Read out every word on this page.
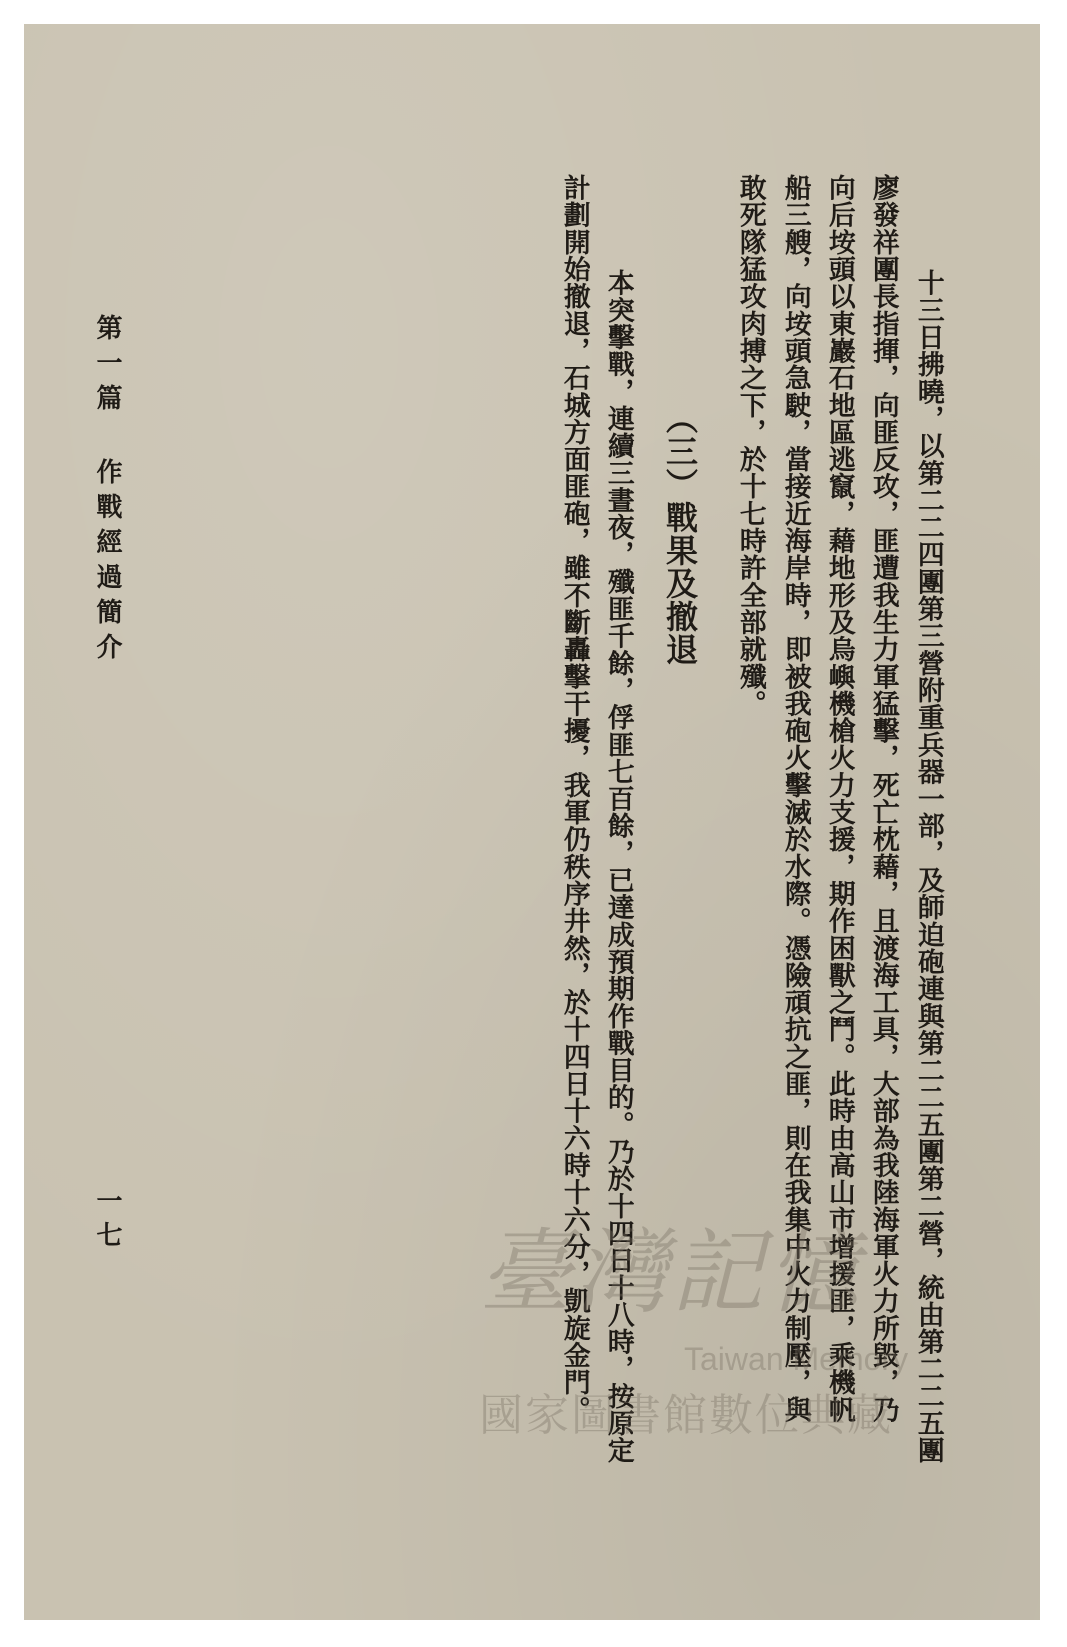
　十三日拂曉，以第二二四團第三營附重兵器一部，及師迫砲連與第二二五團第二營，統由第二二五團
廖發祥團長指揮，向匪反攻，匪遭我生力軍猛擊，死亡枕藉，且渡海工具，大部為我陸海軍火力所毀，乃
向后垵頭以東巖石地區逃竄，藉地形及烏嶼機槍火力支援，期作困獸之鬥。此時由高山市增援匪，乘機帆
船三艘，向垵頭急駛，當接近海岸時，即被我砲火擊滅於水際。憑險頑抗之匪，則在我集中火力制壓，與
敢死隊猛攻肉搏之下，於十七時許全部就殲。
（三）戰果及撤退
　本突擊戰，連續三晝夜，殲匪千餘，俘匪七百餘，已達成預期作戰目的。乃於十四日十八時，按原定
計劃開始撤退，石城方面匪砲，雖不斷轟擊干擾，我軍仍秩序井然，於十四日十六時十六分，凱旋金門。
第一篇 作戰經過簡介
一七	臺灣記憶
Taiwan Memory
國家圖書館數位典藏
